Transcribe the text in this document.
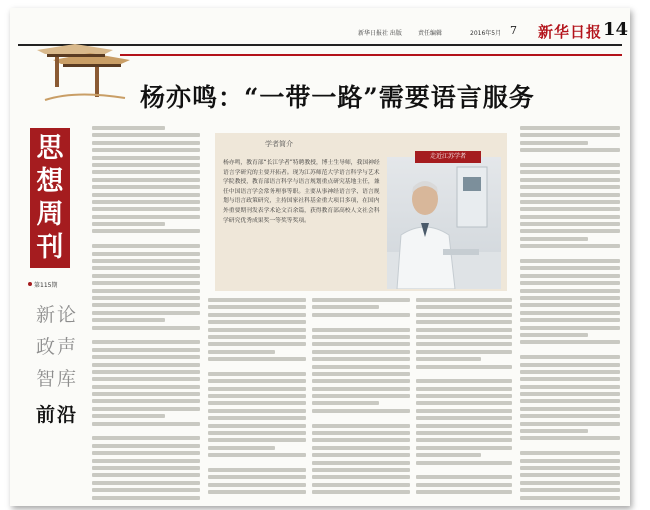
新华日报社 出版	责任编辑	2016年5月 7 新华日报 14
杨亦鸣：“一带一路”需要语言服务
思想周刊
第115期
新论
政声
智库
前沿
学者简介
杨亦鸣，教育部“长江学者”特聘教授，博士生导师，我国神经语言学研究的主要开拓者。现为江苏师范大学语言科学与艺术学院教授，教育部语言科学与语言规划重点研究基地主任，兼任中国语言学会常务理事等职。主要从事神经语言学、语言规划与语言政策研究，主持国家社科基金重大项目多项，在国内外重要期刊发表学术论文百余篇，获得教育部高校人文社会科学研究优秀成果奖一等奖等奖项。
走近江苏学者
